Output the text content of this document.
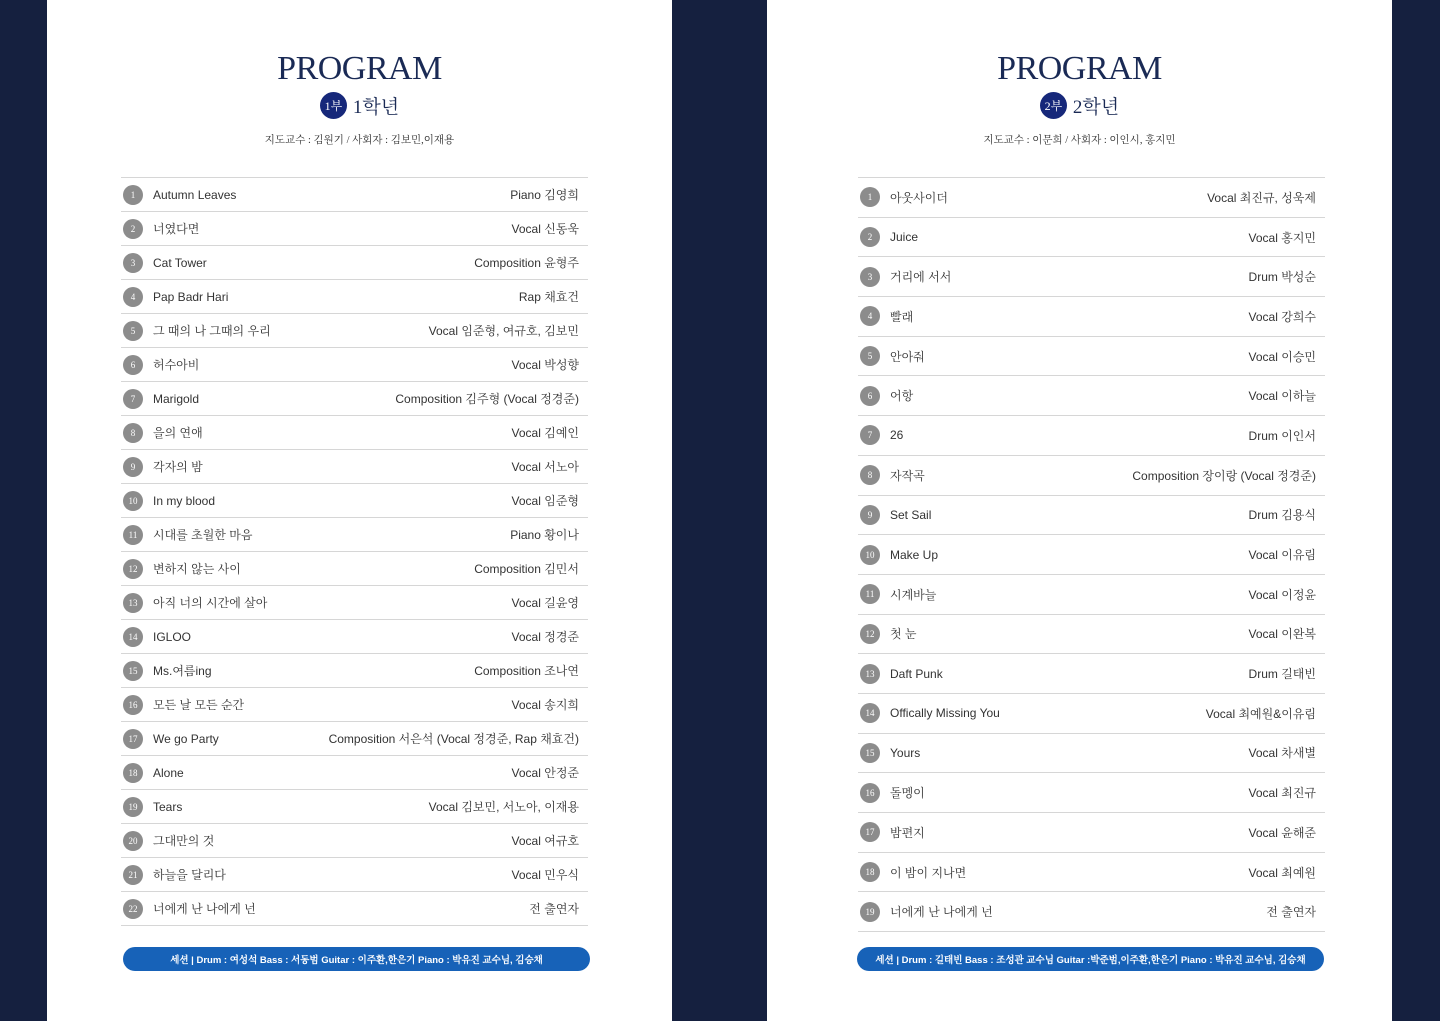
PROGRAM
1부 1학년
지도교수 : 김원기 / 사회자 : 김보민,이재용
1	Autumn Leaves	Piano 김영희
2	너였다면	Vocal 신동욱
3	Cat Tower	Composition 윤형주
4	Pap Badr Hari	Rap 채효건
5	그 때의 나 그때의 우리	Vocal 임준형, 여규호, 김보민
6	허수아비	Vocal 박성향
7	Marigold	Composition 김주형 (Vocal 정경준)
8	을의 연애	Vocal 김예인
9	각자의 밤	Vocal 서노아
10	In my blood	Vocal 임준형
11	시대를 초월한 마음	Piano 황이나
12	변하지 않는 사이	Composition 김민서
13	아직 너의 시간에 살아	Vocal 길윤영
14	IGLOO	Vocal 정경준
15	Ms.여름ing	Composition 조나연
16	모든 날 모든 순간	Vocal 송지희
17	We go Party	Composition 서은석 (Vocal 정경준, Rap 채효건)
18	Alone	Vocal 안정준
19	Tears	Vocal 김보민, 서노아, 이재용
20	그대만의 것	Vocal 여규호
21	하늘을 달리다	Vocal 민우식
22	너에게 난 나에게 넌	전 출연자
세션 | Drum : 여성석 Bass : 서동범 Guitar : 이주환,한은기 Piano : 박유진 교수님, 김승채
PROGRAM
2부 2학년
지도교수 : 이문희 / 사회자 : 이인시, 홍지민
1	아웃사이더	Vocal 최진규, 성욱제
2	Juice	Vocal 홍지민
3	거리에 서서	Drum 박성순
4	빨래	Vocal 강희수
5	안아줘	Vocal 이승민
6	어항	Vocal 이하늘
7	26	Drum 이인서
8	자작곡	Composition 장이랑 (Vocal 정경준)
9	Set Sail	Drum 김용식
10	Make Up	Vocal 이유림
11	시계바늘	Vocal 이정윤
12	첫 눈	Vocal 이완복
13	Daft Punk	Drum 길태빈
14	Offically Missing You	Vocal 최예원&이유림
15	Yours	Vocal 차새별
16	돌멩이	Vocal 최진규
17	밤편지	Vocal 윤해준
18	이 밤이 지나면	Vocal 최예원
19	너에게 난 나에게 넌	전 출연자
세션 | Drum : 길태빈 Bass : 조성관 교수님 Guitar :박준범,이주환,한은기 Piano : 박유진 교수님, 김승채
